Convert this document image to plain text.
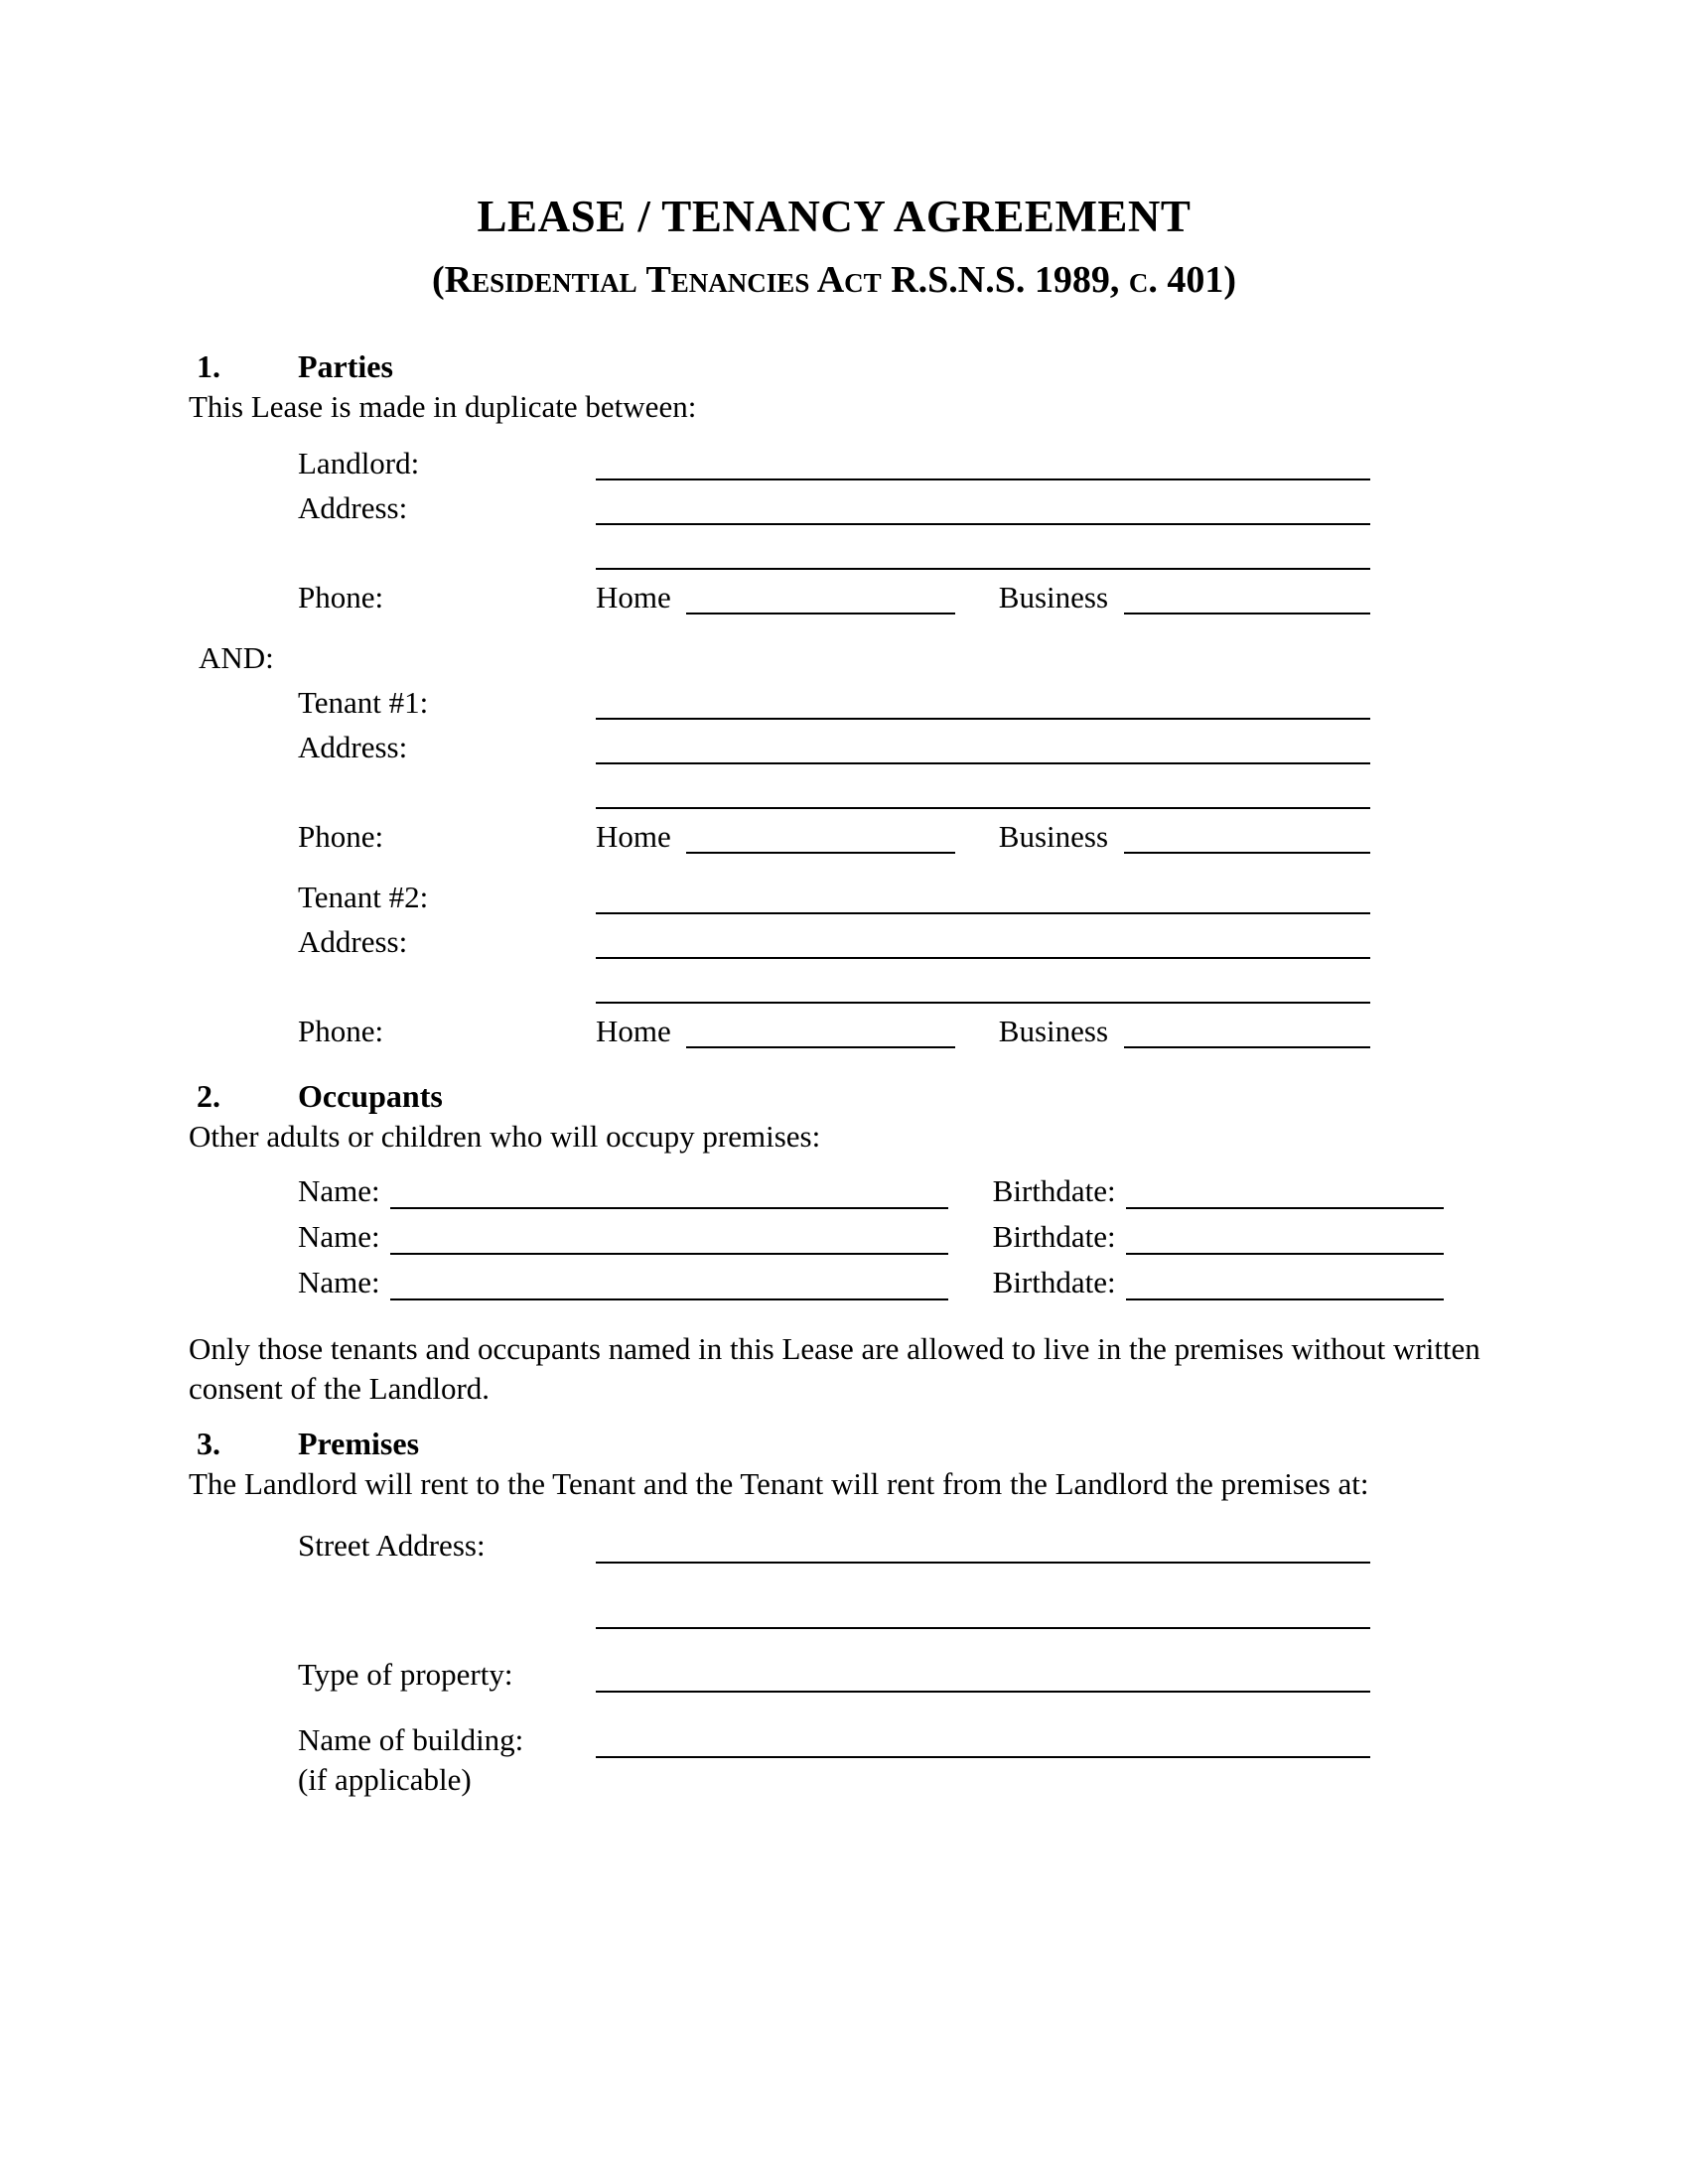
LEASE / TENANCY AGREEMENT
(Residential Tenancies Act R.S.N.S. 1989, c. 401)
1.	Parties

This Lease is made in duplicate between:

Landlord:
Address:
Phone:	Home	Business
AND:
Tenant #1:
Address:
Phone:	Home	Business
Tenant #2:
Address:
Phone:	Home	Business
2.	Occupants

Other adults or children who will occupy premises:

Name:	Birthdate:
Name:	Birthdate:
Name:	Birthdate:

Only those tenants and occupants named in this Lease are allowed to live in the premises without written consent of the Landlord.

3.	Premises

The Landlord will rent to the Tenant and the Tenant will rent from the Landlord the premises at:

Street Address:
Type of property:
Name of building:
(if applicable)
